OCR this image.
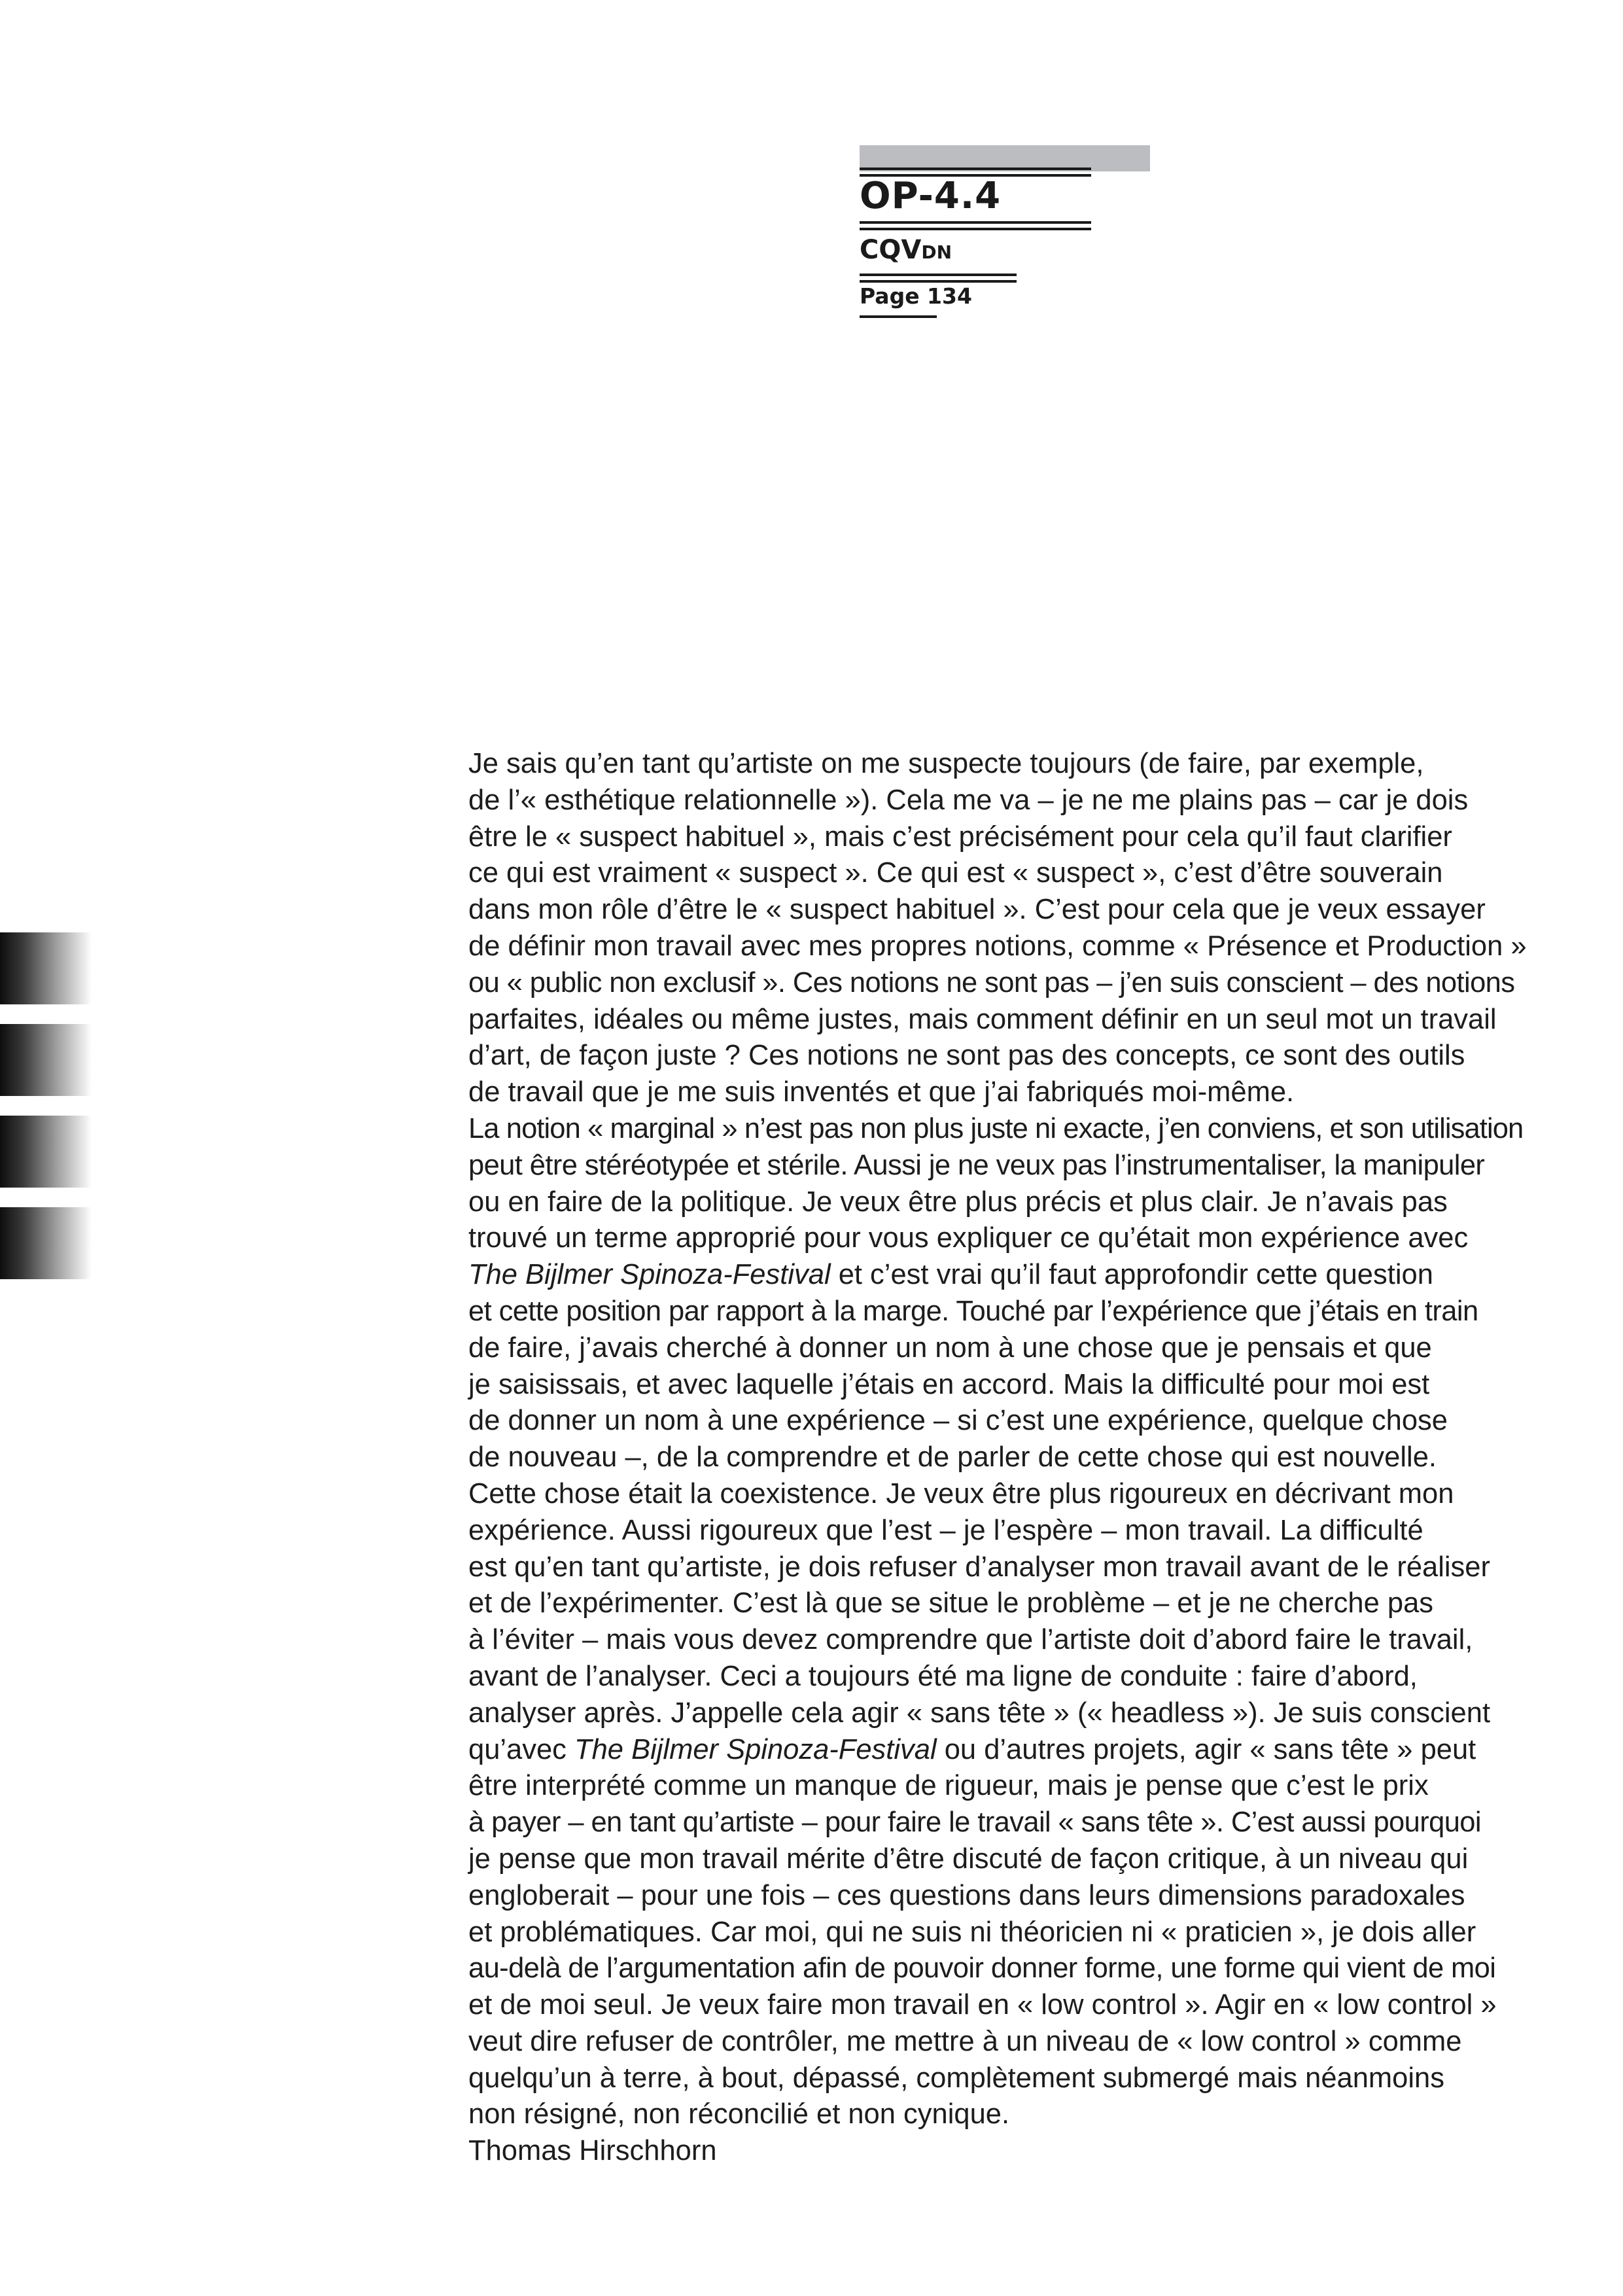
OP-4.4
CQVDN
Page 134
Je sais qu’en tant qu’artiste on me suspecte toujours (de faire, par exemple,
de l’« esthétique relationnelle »). Cela me va – je ne me plains pas – car je dois
être le « suspect habituel », mais c’est précisément pour cela qu’il faut clarifier
ce qui est vraiment « suspect ». Ce qui est « suspect », c’est d’être souverain
dans mon rôle d’être le « suspect habituel ». C’est pour cela que je veux essayer
de définir mon travail avec mes propres notions, comme « Présence et Production »
ou « public non exclusif ». Ces notions ne sont pas – j’en suis conscient – des notions
parfaites, idéales ou même justes, mais comment définir en un seul mot un travail
d’art, de façon juste ? Ces notions ne sont pas des concepts, ce sont des outils
de travail que je me suis inventés et que j’ai fabriqués moi-même.
La notion « marginal » n’est pas non plus juste ni exacte, j’en conviens, et son utilisation
peut être stéréotypée et stérile. Aussi je ne veux pas l’instrumentaliser, la manipuler
ou en faire de la politique. Je veux être plus précis et plus clair. Je n’avais pas
trouvé un terme approprié pour vous expliquer ce qu’était mon expérience avec
The Bijlmer Spinoza-Festival et c’est vrai qu’il faut approfondir cette question
et cette position par rapport à la marge. Touché par l’expérience que j’étais en train
de faire, j’avais cherché à donner un nom à une chose que je pensais et que
je saisissais, et avec laquelle j’étais en accord. Mais la difficulté pour moi est
de donner un nom à une expérience – si c’est une expérience, quelque chose
de nouveau –, de la comprendre et de parler de cette chose qui est nouvelle.
Cette chose était la coexistence. Je veux être plus rigoureux en décrivant mon
expérience. Aussi rigoureux que l’est – je l’espère – mon travail. La difficulté
est qu’en tant qu’artiste, je dois refuser d’analyser mon travail avant de le réaliser
et de l’expérimenter. C’est là que se situe le problème – et je ne cherche pas
à l’éviter – mais vous devez comprendre que l’artiste doit d’abord faire le travail,
avant de l’analyser. Ceci a toujours été ma ligne de conduite : faire d’abord,
analyser après. J’appelle cela agir « sans tête » (« headless »). Je suis conscient
qu’avec The Bijlmer Spinoza-Festival ou d’autres projets, agir « sans tête » peut
être interprété comme un manque de rigueur, mais je pense que c’est le prix
à payer – en tant qu’artiste – pour faire le travail « sans tête ». C’est aussi pourquoi
je pense que mon travail mérite d’être discuté de façon critique, à un niveau qui
engloberait – pour une fois – ces questions dans leurs dimensions paradoxales
et problématiques. Car moi, qui ne suis ni théoricien ni « praticien », je dois aller
au-delà de l’argumentation afin de pouvoir donner forme, une forme qui vient de moi
et de moi seul. Je veux faire mon travail en « low control ». Agir en « low control »
veut dire refuser de contrôler, me mettre à un niveau de « low control » comme
quelqu’un à terre, à bout, dépassé, complètement submergé mais néanmoins
non résigné, non réconcilié et non cynique.
Thomas Hirschhorn
